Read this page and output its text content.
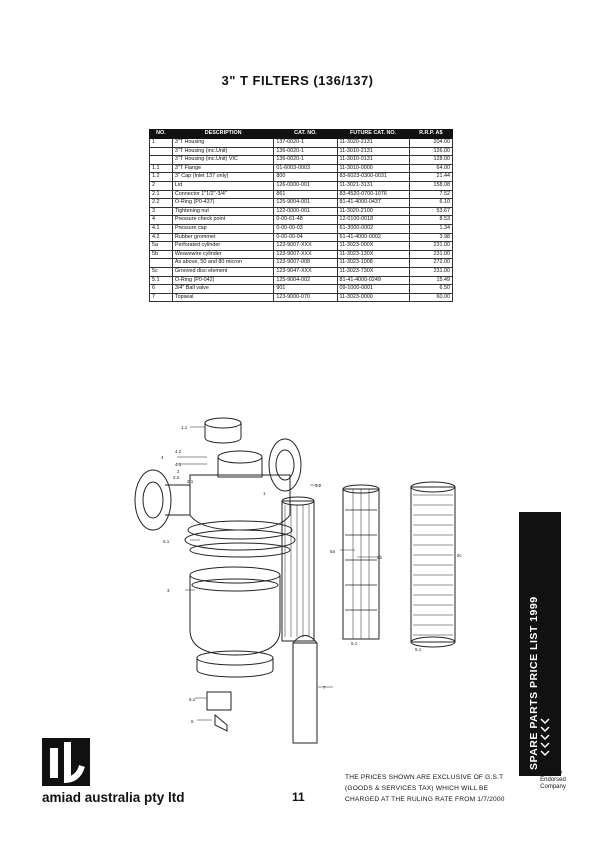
3" T FILTERS (136/137)
NO.	DESCRIPTION	CAT. NO.	FUTURE CAT. NO.	R.R.P. A$
1	3"T Housing	137-0020-1	11-3020-2131	204.00
	3"T Housing (inc.Unit)	136-0020-1	11-3010-2131	126.00
	3"T Housing (inc.Unit) VIC	136-0020-1	11-3010-0131	128.00
1.1	3"T Flange	01-6003-0003	11-3010-0000	64.00
1.2	3" Cap (Inlet 137 only)	800	83-6023-0300-0031	21.44
2	Lid	126-0000-001	11-3021-3131	158.08
2.1	Connector 1"1/2"-3/4"	861	83-4520-0700-1076	7.52
2.2	O-Ring (P0-437)	125-9004-001	81-41-4000-0437	6.10
3	Tightening nut	122-0000-001	11-3020-2100	53.67
4	Pressure check point	0-00-61-48	12-0100-0018	8.53
4.1	Pressure cap	0-00-00-03	61-3000-0002	1.34
4.2	Rubber grommet	0-00-00-04	61-41-4000-0002	3.98
5a	Perforated cylinder	123-9007-XXX	11-3023-000X	231.00
5b	Weavewire cylinder	123-9007-XXX	11-3023-130X	231.00
	As above, 50 and 80 micron	123-9007-008	11-3023-1008	272.00
5c	Grooved disc element	123-9047-XXX	11-3023-730X	231.00
5.1	O-Ring (P0-042)	125-9004-002	81-41-4000-0249	15.49
6	3/4" Ball valve	901	09-1000-0001	6.50
7	Topseal	123-9000-070	11-3023-0000	60.00
1.1
4
4.2
4.1
2
2.2
2.1
1.2
1
5.1
3
5a
5b	5c
5.1
5.1
7
6.1
6	SPARE PARTS PRICE LIST 1999
Quality Endorsed
amiad australia pty ltd	11
THE PRICES SHOWN ARE EXCLUSIVE OF G.S.T
(GOODS & SERVICES TAX) WHICH WILL BE
CHARGED AT THE RULING RATE FROM 1/7/2000
Quality
Endorsed
Company
